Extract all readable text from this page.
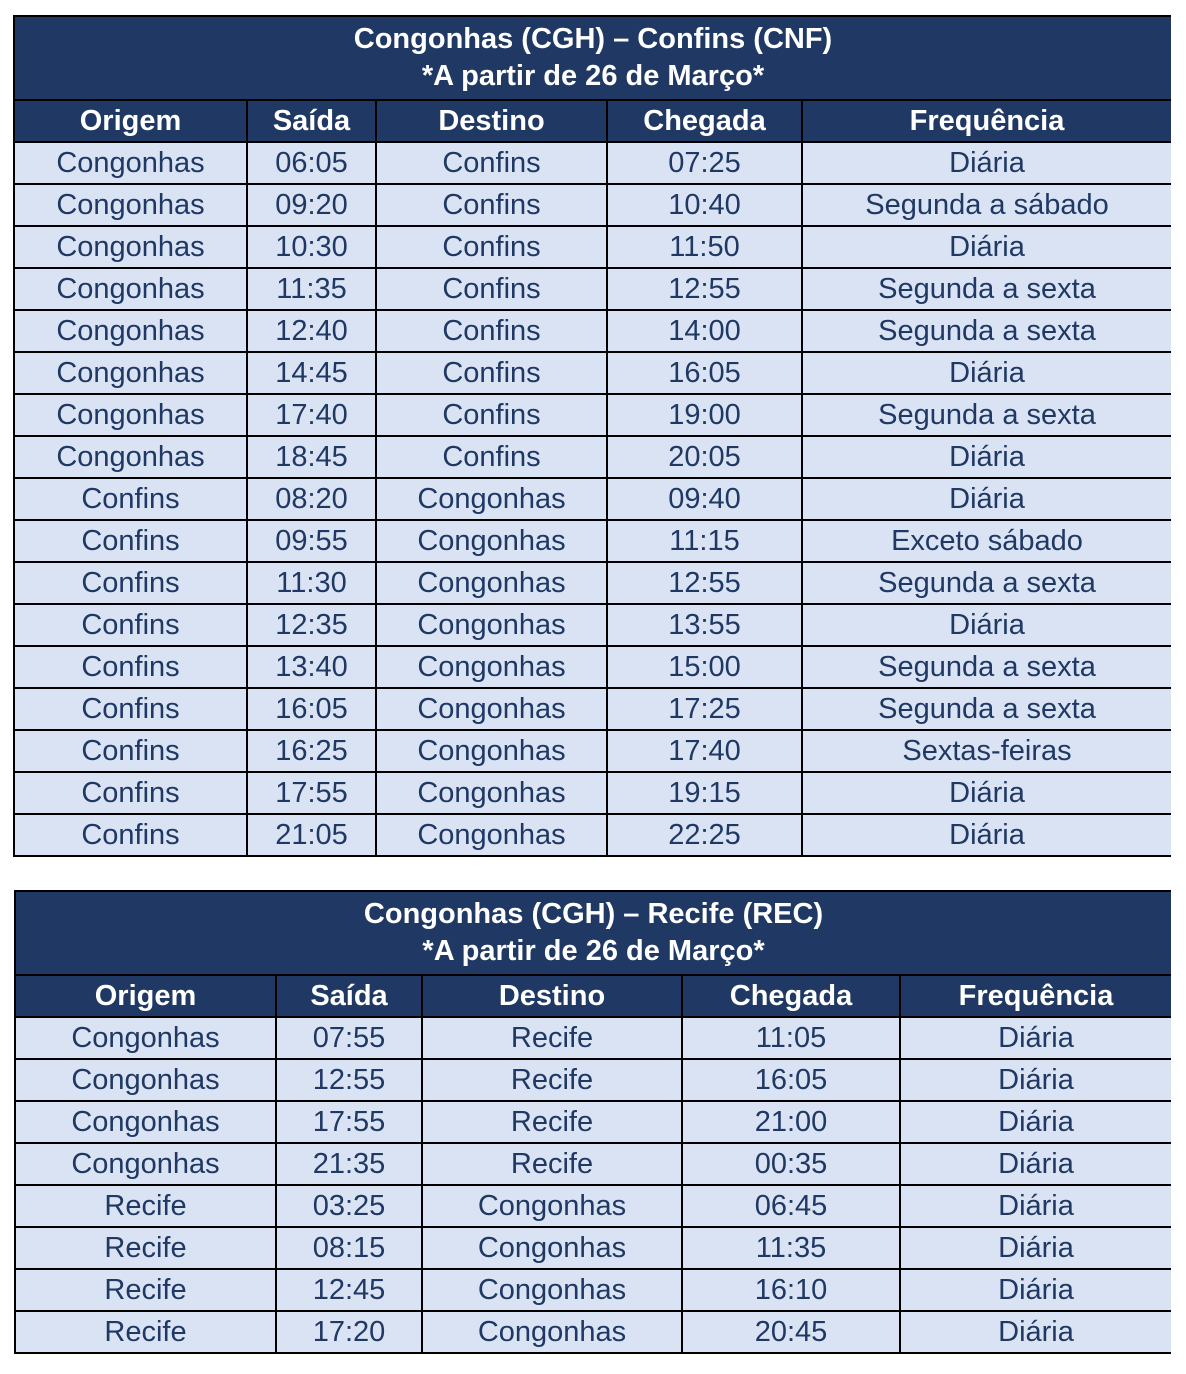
Congonhas (CGH) – Confins (CNF)
*A partir de 26 de Março*				

Origem	Saída	Destino	Chegada	Frequência
Congonhas	06:05	Confins	07:25	Diária
Congonhas	09:20	Confins	10:40	Segunda a sábado
Congonhas	10:30	Confins	11:50	Diária
Congonhas	11:35	Confins	12:55	Segunda a sexta
Congonhas	12:40	Confins	14:00	Segunda a sexta
Congonhas	14:45	Confins	16:05	Diária
Congonhas	17:40	Confins	19:00	Segunda a sexta
Congonhas	18:45	Confins	20:05	Diária
Confins	08:20	Congonhas	09:40	Diária
Confins	09:55	Congonhas	11:15	Exceto sábado
Confins	11:30	Congonhas	12:55	Segunda a sexta
Confins	12:35	Congonhas	13:55	Diária
Confins	13:40	Congonhas	15:00	Segunda a sexta
Confins	16:05	Congonhas	17:25	Segunda a sexta
Confins	16:25	Congonhas	17:40	Sextas-feiras
Confins	17:55	Congonhas	19:15	Diária
Confins	21:05	Congonhas	22:25	Diária
Congonhas (CGH) – Recife (REC)
*A partir de 26 de Março*				

Origem	Saída	Destino	Chegada	Frequência
Congonhas	07:55	Recife	11:05	Diária
Congonhas	12:55	Recife	16:05	Diária
Congonhas	17:55	Recife	21:00	Diária
Congonhas	21:35	Recife	00:35	Diária
Recife	03:25	Congonhas	06:45	Diária
Recife	08:15	Congonhas	11:35	Diária
Recife	12:45	Congonhas	16:10	Diária
Recife	17:20	Congonhas	20:45	Diária
